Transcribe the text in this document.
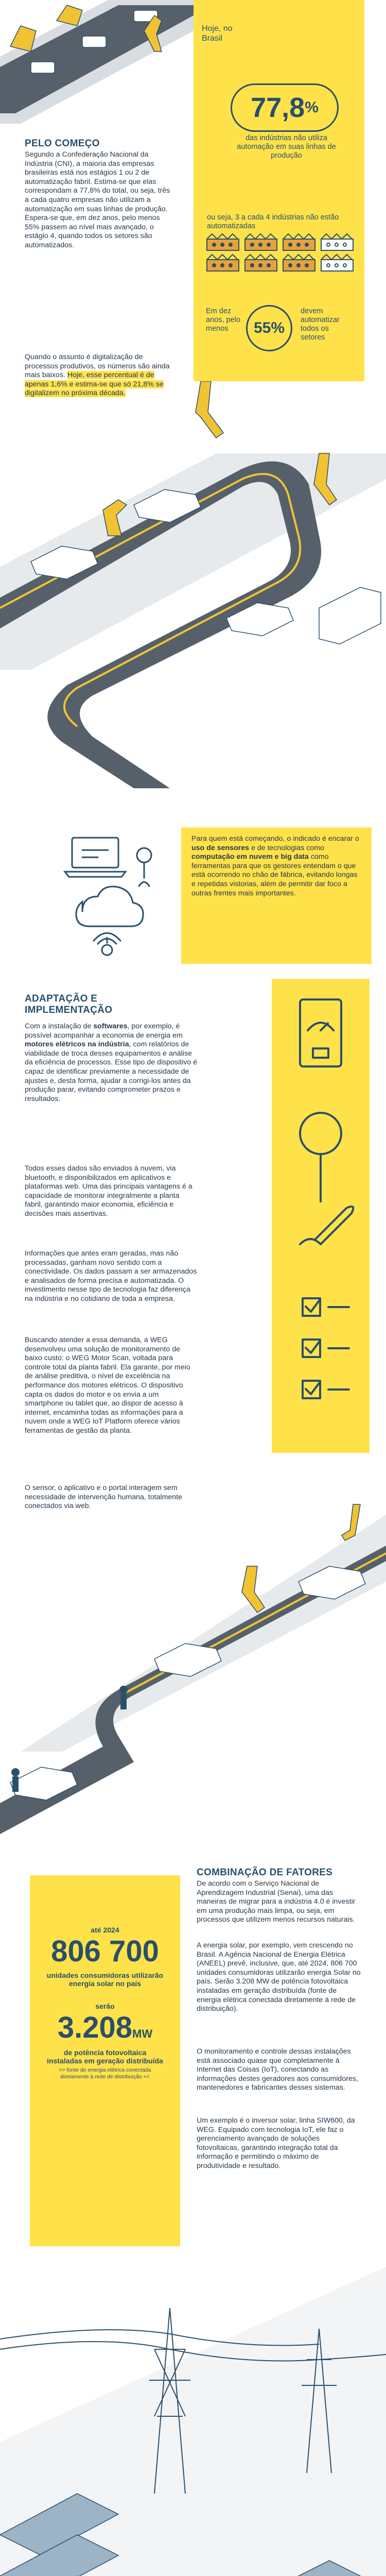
Hoje, no Brasil
77,8 %
das indústrias não utiliza automação em suas linhas de produção
ou seja, 3 a cada 4 indústrias não estão automatizadas
Em dez anos, pelo menos	55%
devem automatizar todos os setores
PELO COMEÇO
Segundo a Confederação Nacional da Indústria (CNI), a maioria das empresas brasileiras está nos estágios 1 ou 2 de automatização fabril. Estima-se que elas correspondam a 77,8% do total, ou seja, três a cada quatro empresas não utilizam a automatização em suas linhas de produção. Espera-se que, em dez anos, pelo menos 55% passem ao nível mais avançado, o estágio 4, quando todos os setores são automatizados.
Quando o assunto é digitalização de processos produtivos, os números são ainda mais baixos. Hoje, esse percentual é de apenas 1,6% e estima-se que só 21,8% se digitalizem no próxima década.
Para quem está começando, o indicado é encarar o uso de sensores e de tecnologias como computação em nuvem e big data como ferramentas para que os gestores entendam o que está ocorrendo no chão de fábrica, evitando longas e repetidas vistorias, além de permitir dar foco a outras frentes mais importantes.
ADAPTAÇÃO E IMPLEMENTAÇÃO
Com a instalação de softwares, por exemplo, é possível acompanhar a economia de energia em motores elétricos na indústria, com relatórios de viabilidade de troca desses equipamentos e análise da eficiência de processos. Esse tipo de dispositivo é capaz de identificar previamente a necessidade de ajustes e, desta forma, ajudar a corrigi-los antes da produção parar, evitando comprometer prazos e resultados.
Todos esses dados são enviados à nuvem, via bluetooth, e disponibilizados em aplicativos e plataformas web. Uma das principais vantagens é a capacidade de monitorar integralmente a planta fabril, garantindo maior economia, eficiência e decisões mais assertivas.
Informações que antes eram geradas, mas não processadas, ganham novo sentido com a conectividade. Os dados passam a ser armazenados e analisados de forma precisa e automatizada. O investimento nesse tipo de tecnologia faz diferença na indústria e no cotidiano de toda a empresa.
Buscando atender a essa demanda, a WEG desenvolveu uma solução de monitoramento de baixo custo: o WEG Motor Scan, voltada para controle total da planta fabril. Ela garante, por meio de análise preditiva, o nível de excelência na performance dos motores elétricos. O dispositivo capta os dados do motor e os envia a um smartphone ou tablet que, ao dispor de acesso à internet, encaminha todas as informações para a nuvem onde a WEG IoT Platform oferece vários ferramentas de gestão da planta.
O sensor, o aplicativo e o portal interagem sem necessidade de intervenção humana, totalmente conectados via web.
até 2024
806 700
unidades consumidoras utilizarão energia solar no país
serão
3.208MW
de potência fotovoltaica instaladas em geração distribuída
>> fonte de energia elétrica conectada diretamente à rede de distribuição <<
COMBINAÇÃO DE FATORES
De acordo com o Serviço Nacional de Aprendizagem Industrial (Senai), uma das maneiras de migrar para a indústria 4.0 é investir em uma produção mais limpa, ou seja, em processos que utilizem menos recursos naturais.
A energia solar, por exemplo, vem crescendo no Brasil. A Agência Nacional de Energia Elétrica (ANEEL) prevê, inclusive, que, até 2024, 806 700 unidades consumidoras utilizarão energia Solar no país. Serão 3.208 MW de potência fotovoltaica instaladas em geração distribuída (fonte de energia elétrica conectada diretamente à rede de distribuição).
O monitoramento e controle dessas instalações está associado quase que completamente à Internet das Coisas (IoT), conectando as informações destes geradores aos consumidores, mantenedores e fabricantes desses sistemas.
Um exemplo é o inversor solar, linha SIW600, da WEG. Equipado com tecnologia IoT, ele faz o gerenciamento avançado de soluções fotovoltaicas, garantindo integração total da informação e permitindo o máximo de produtividade e resultado.
